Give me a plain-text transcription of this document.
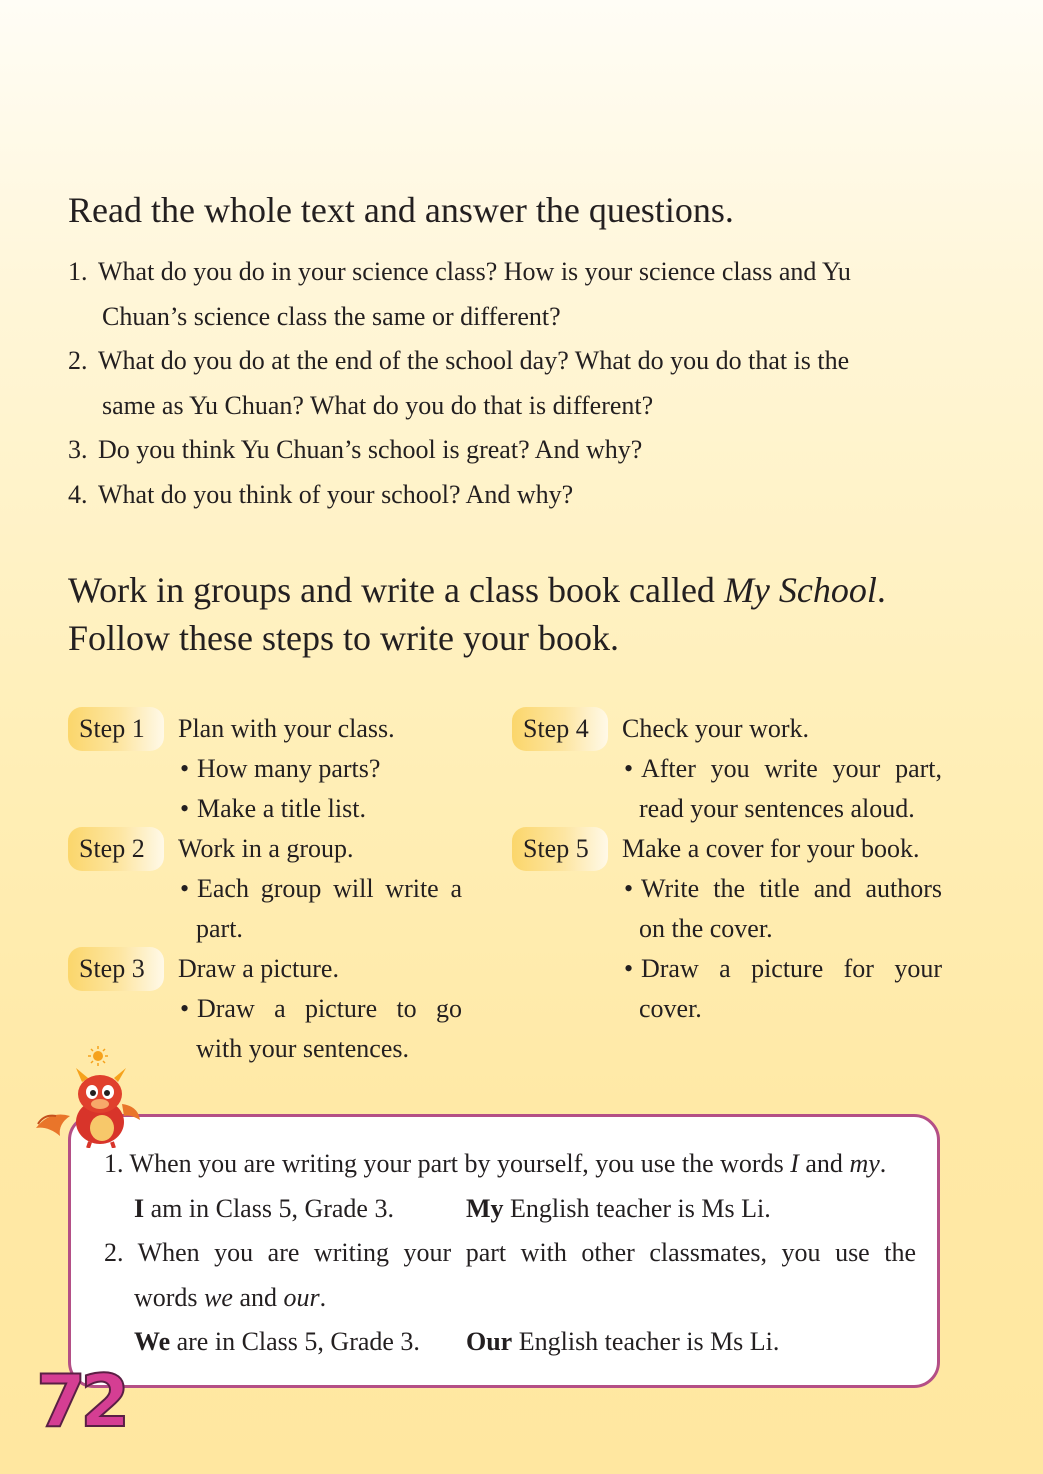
Read the whole text and answer the questions.
1. What do you do in your science class? How is your science class and Yu
Chuan’s science class the same or different?
2. What do you do at the end of the school day? What do you do that is the
same as Yu Chuan? What do you do that is different?
3. Do you think Yu Chuan’s school is great? And why?
4. What do you think of your school? And why?
Work in groups and write a class book called My School.
Follow these steps to write your book.
Step 1	Plan with your class.
• How many parts?
• Make a title list.
Step 2	Work in a group.
• Each group will write a
part.
Step 3	Draw a picture.
• Draw a picture to go
with your sentences.
Step 4	Check your work.
• After you write your part,
read your sentences aloud.
Step 5	Make a cover for your book.
• Write the title and authors
on the cover.
• Draw a picture for your
cover.
1. When you are writing your part by yourself, you use the words I and my.
I am in Class 5, Grade 3.	My English teacher is Ms Li.
2. When you are writing your part with other classmates, you use the
words we and our.
We are in Class 5, Grade 3. Our English teacher is Ms Li.
72
